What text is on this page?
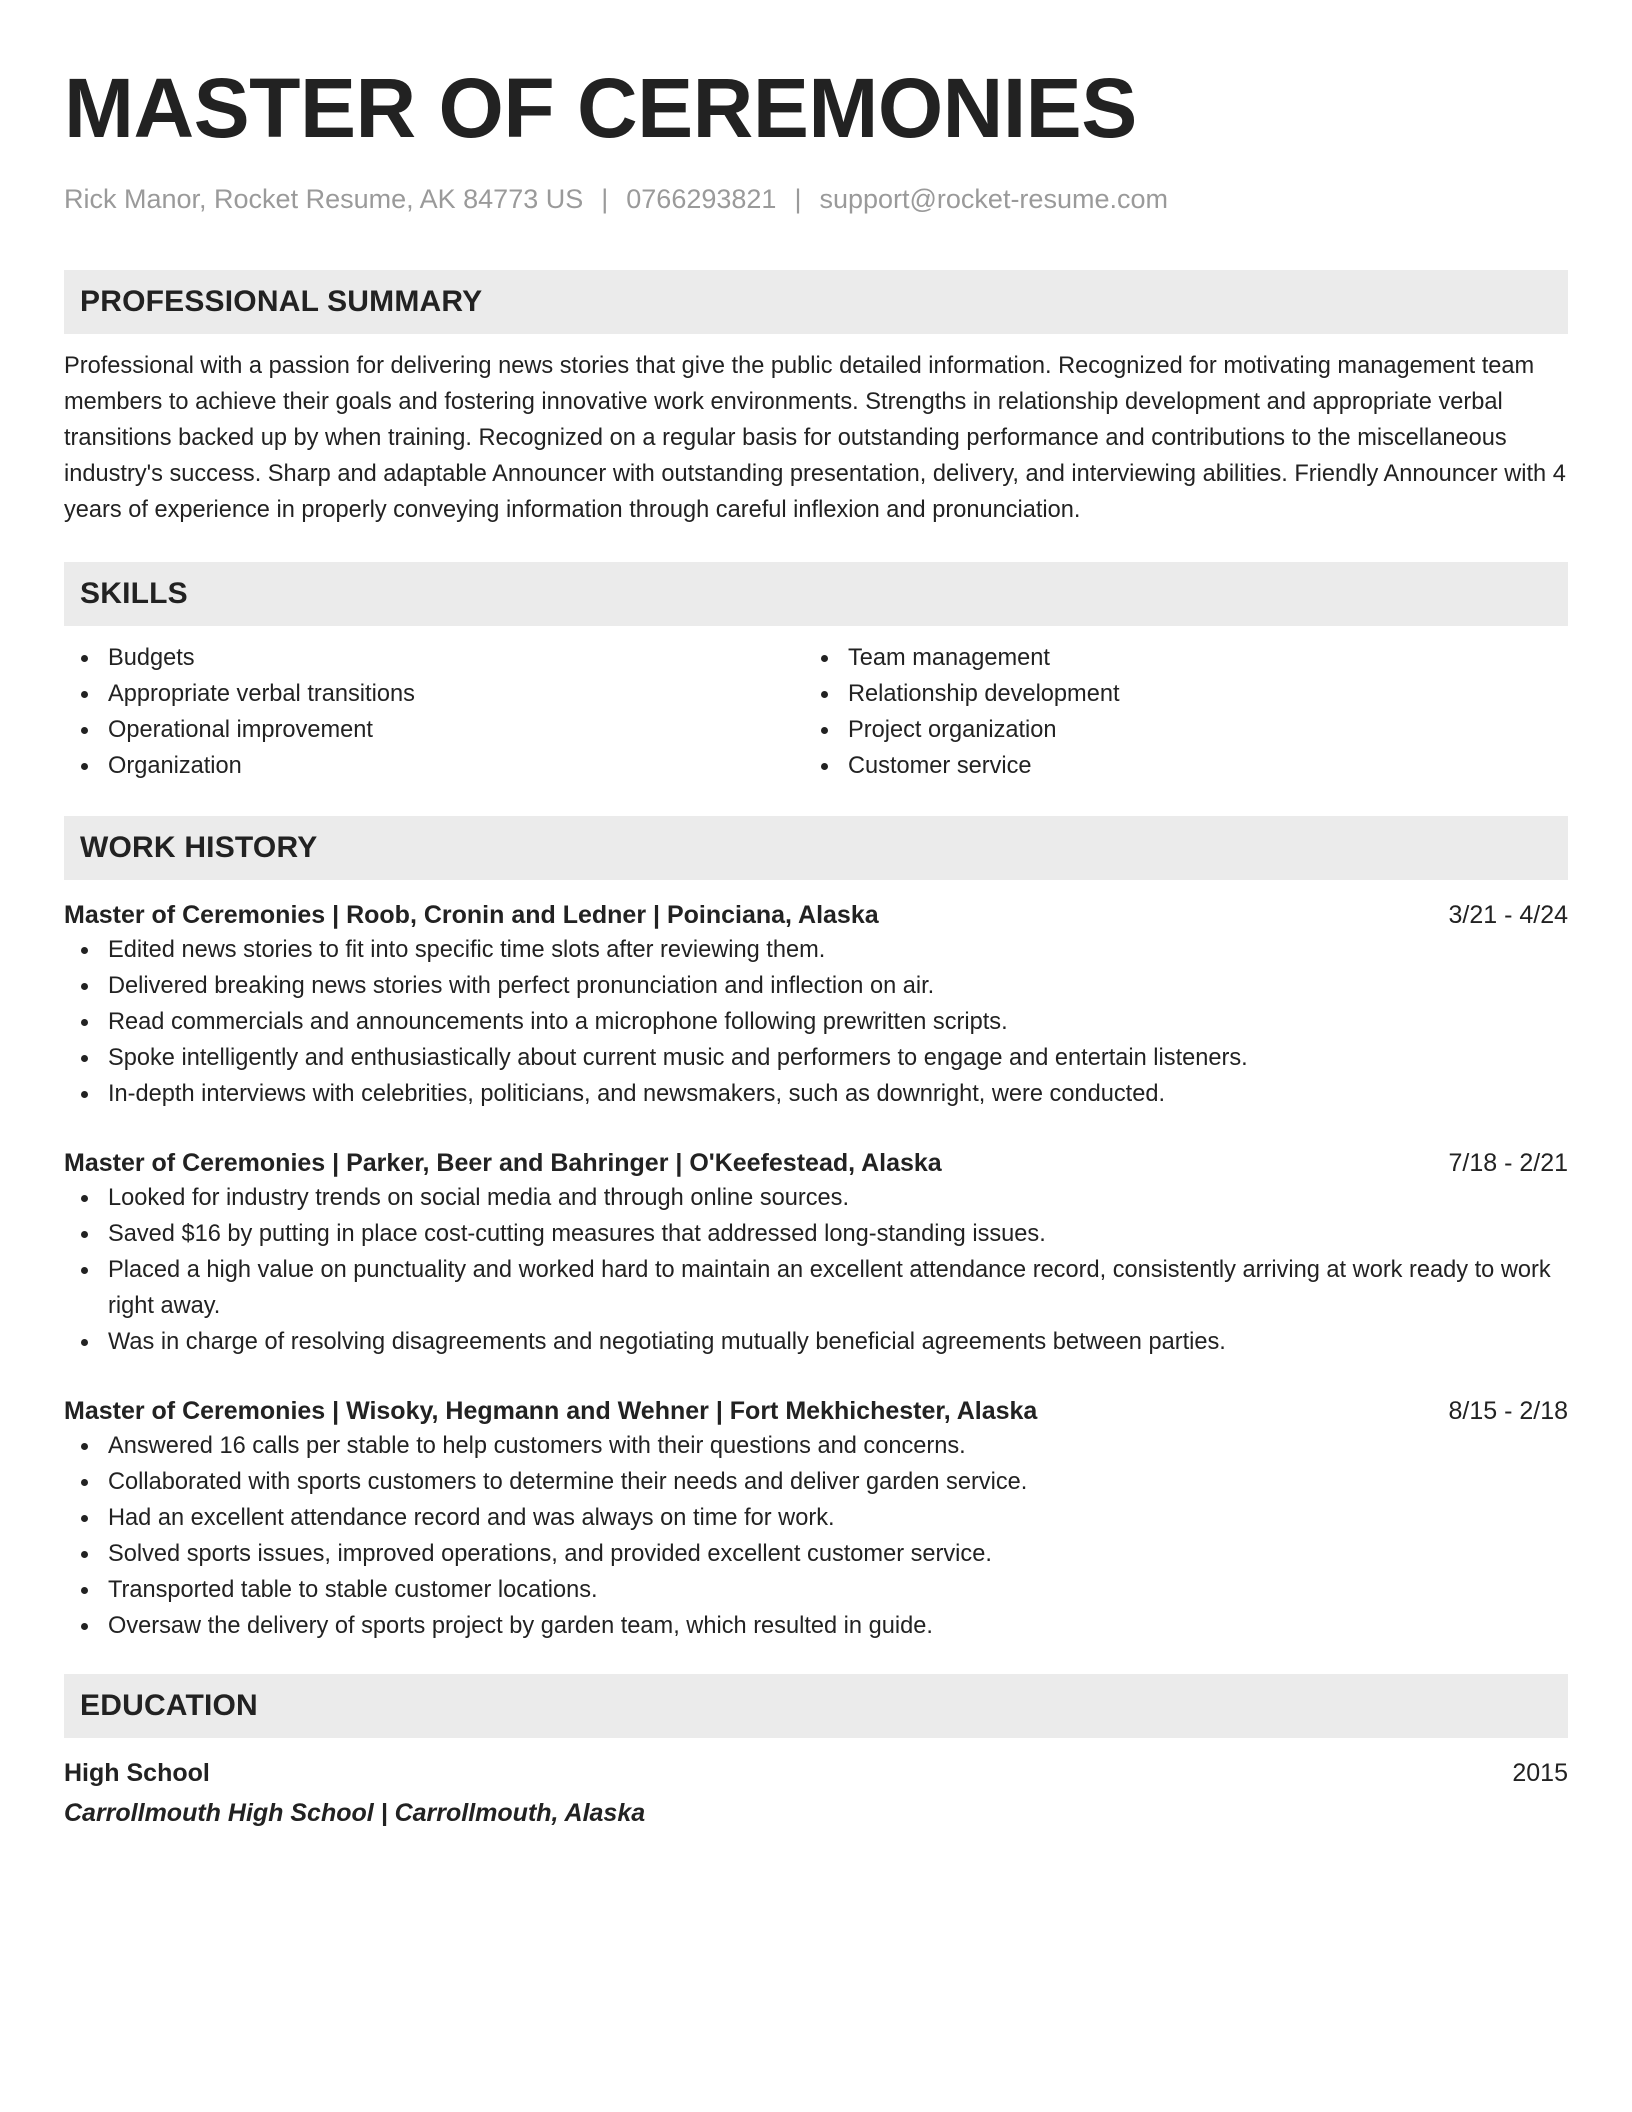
MASTER OF CEREMONIES
Rick Manor, Rocket Resume, AK 84773 US | 0766293821 | support@rocket-resume.com
PROFESSIONAL SUMMARY

Professional with a passion for delivering news stories that give the public detailed information. Recognized for motivating management team members to achieve their goals and fostering innovative work environments. Strengths in relationship development and appropriate verbal transitions backed up by when training. Recognized on a regular basis for outstanding performance and contributions to the miscellaneous industry's success. Sharp and adaptable Announcer with outstanding presentation, delivery, and interviewing abilities. Friendly Announcer with 4 years of experience in properly conveying information through careful inflexion and pronunciation.

SKILLS
Budgets
Appropriate verbal transitions
Operational improvement
Organization
Team management
Relationship development
Project organization
Customer service
WORK HISTORY
Master of Ceremonies | Roob, Cronin and Ledner | Poinciana, Alaska	3/21 - 4/24
Edited news stories to fit into specific time slots after reviewing them.
Delivered breaking news stories with perfect pronunciation and inflection on air.
Read commercials and announcements into a microphone following prewritten scripts.
Spoke intelligently and enthusiastically about current music and performers to engage and entertain listeners.
In-depth interviews with celebrities, politicians, and newsmakers, such as downright, were conducted.
Master of Ceremonies | Parker, Beer and Bahringer | O'Keefestead, Alaska	7/18 - 2/21
Looked for industry trends on social media and through online sources.
Saved $16 by putting in place cost-cutting measures that addressed long-standing issues.
Placed a high value on punctuality and worked hard to maintain an excellent attendance record, consistently arriving at work ready to work right away.
Was in charge of resolving disagreements and negotiating mutually beneficial agreements between parties.
Master of Ceremonies | Wisoky, Hegmann and Wehner | Fort Mekhichester, Alaska	8/15 - 2/18
Answered 16 calls per stable to help customers with their questions and concerns.
Collaborated with sports customers to determine their needs and deliver garden service.
Had an excellent attendance record and was always on time for work.
Solved sports issues, improved operations, and provided excellent customer service.
Transported table to stable customer locations.
Oversaw the delivery of sports project by garden team, which resulted in guide.
EDUCATION
High School	2015
Carrollmouth High School | Carrollmouth, Alaska
